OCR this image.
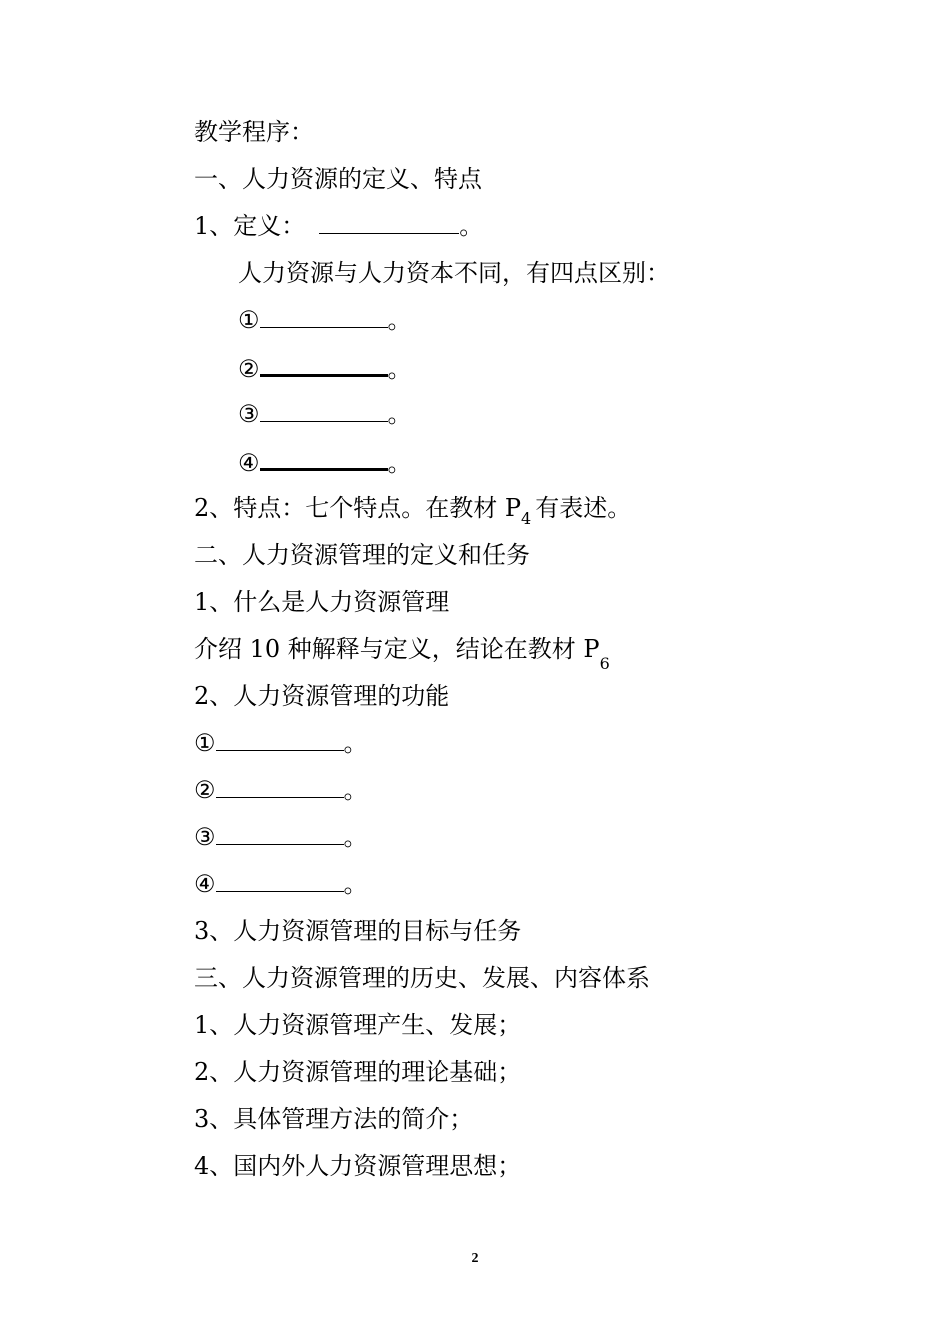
教学程序：
一、人力资源的定义、特点
1、定义：	。
人力资源与人力资本不同，有四点区别：
①	。
②	。
③	。
④	。
2、特点：七个特点。在教材 $P_4$ 有表述。
二、人力资源管理的定义和任务
1、什么是人力资源管理
介绍 10 种解释与定义，结论在教材 $P_6$
2、人力资源管理的功能
①	。
②	。
③	。
④	。
3、人力资源管理的目标与任务
三、人力资源管理的历史、发展、内容体系
1、人力资源管理产生、发展；
2、人力资源管理的理论基础；
3、具体管理方法的简介；
4、国内外人力资源管理思想；
2
